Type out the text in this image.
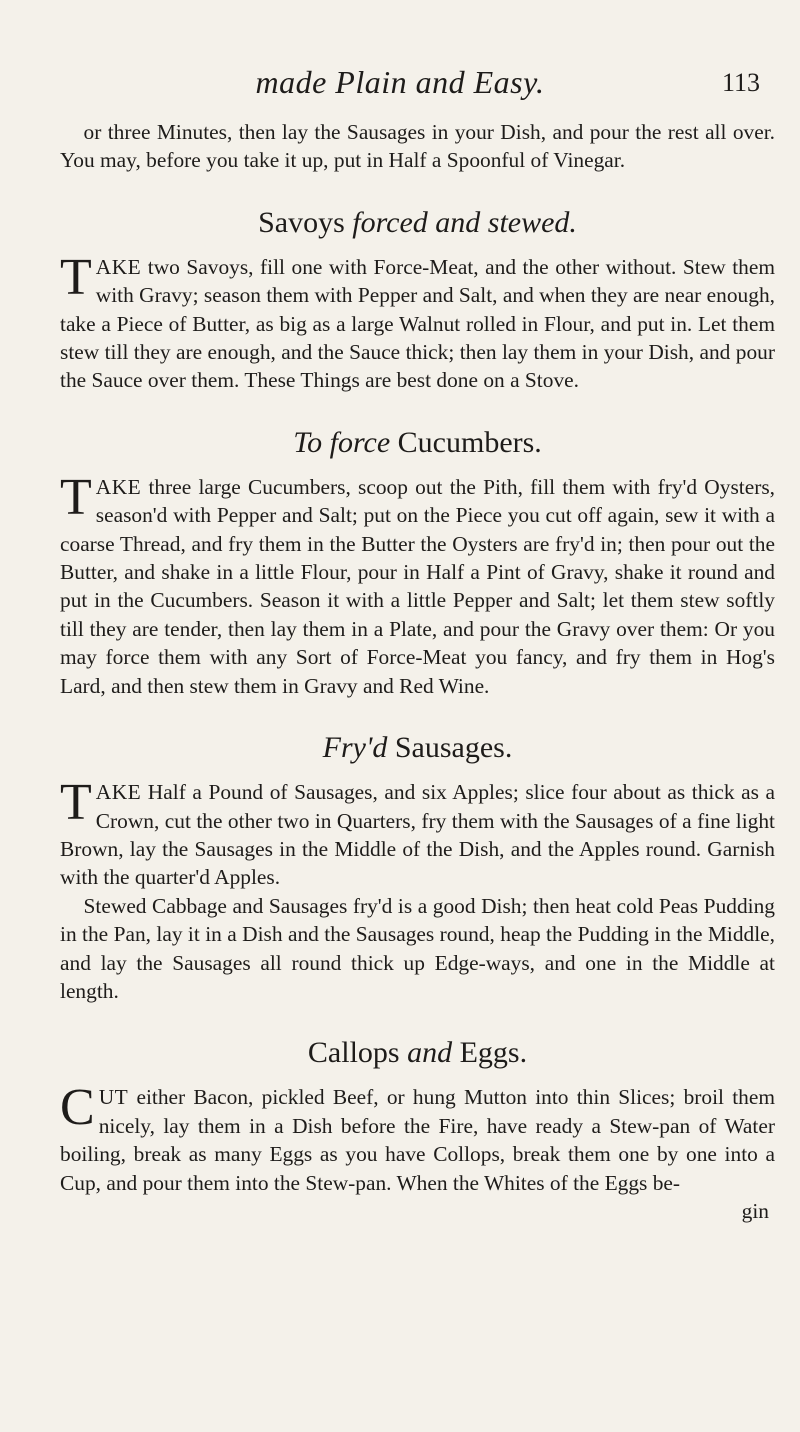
made Plain and Easy.	113

or three Minutes, then lay the Sausages in your Dish, and pour the rest all over. You may, before you take it up, put in Half a Spoonful of Vinegar.

Savoys forced and stewed.

TAKE two Savoys, fill one with Force-Meat, and the other without. Stew them with Gravy; season them with Pepper and Salt, and when they are near enough, take a Piece of Butter, as big as a large Walnut rolled in Flour, and put in. Let them stew till they are enough, and the Sauce thick; then lay them in your Dish, and pour the Sauce over them. These Things are best done on a Stove.

To force Cucumbers.

TAKE three large Cucumbers, scoop out the Pith, fill them with fry'd Oysters, season'd with Pepper and Salt; put on the Piece you cut off again, sew it with a coarse Thread, and fry them in the Butter the Oysters are fry'd in; then pour out the Butter, and shake in a little Flour, pour in Half a Pint of Gravy, shake it round and put in the Cucumbers. Season it with a little Pepper and Salt; let them stew softly till they are tender, then lay them in a Plate, and pour the Gravy over them: Or you may force them with any Sort of Force-Meat you fancy, and fry them in Hog's Lard, and then stew them in Gravy and Red Wine.

Fry'd Sausages.

TAKE Half a Pound of Sausages, and six Apples; slice four about as thick as a Crown, cut the other two in Quarters, fry them with the Sausages of a fine light Brown, lay the Sausages in the Middle of the Dish, and the Apples round. Garnish with the quarter'd Apples.

Stewed Cabbage and Sausages fry'd is a good Dish; then heat cold Peas Pudding in the Pan, lay it in a Dish and the Sausages round, heap the Pudding in the Middle, and lay the Sausages all round thick up Edge-ways, and one in the Middle at length.

Callops and Eggs.

CUT either Bacon, pickled Beef, or hung Mutton into thin Slices; broil them nicely, lay them in a Dish before the Fire, have ready a Stew-pan of Water boiling, break as many Eggs as you have Collops, break them one by one into a Cup, and pour them into the Stew-pan. When the Whites of the Eggs be-

gin
